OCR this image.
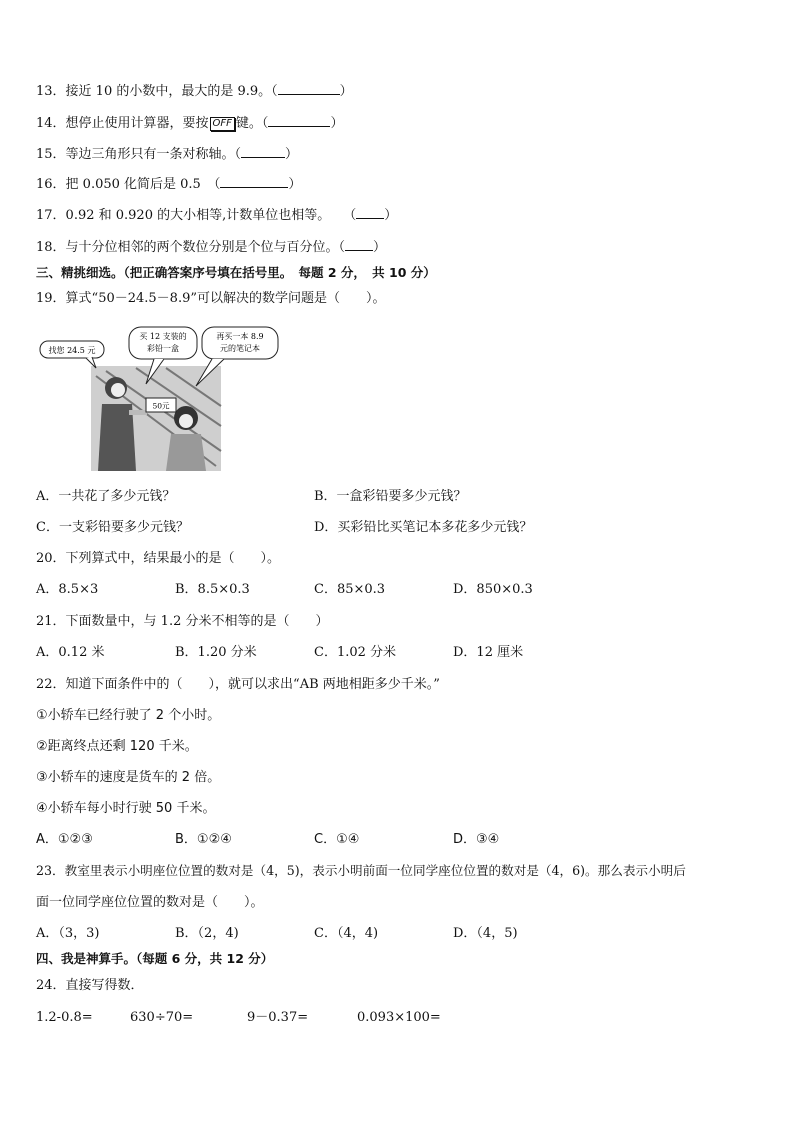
13．接近 10 的小数中，最大的是 9.9。（	）
14．想停止使用计算器，要按 OFF 键。（	）
15．等边三角形只有一条对称轴。（	）
16．把 0.050 化简后是 0.5　（	）
17．0.92 和 0.920 的大小相等,计数单位也相等。　　（ ）
18．与十分位相邻的两个数位分别是个位与百分位。（ ）
三、精挑细选。（把正确答案序号填在括号里。　每题 2 分，　共 10 分）
19．算式“50－24.5－8.9”可以解决的数学问题是（　　）。
50元
找您 24.5 元
买 12 支装的
彩铅一盒
再买一本 8.9
元的笔记本
A．一共花了多少元钱？	B．一盒彩铅要多少元钱？
C．一支彩铅要多少元钱？	D．买彩铅比买笔记本多花多少元钱？
20．下列算式中，结果最小的是（　　）。
A．8.5×3	B．8.5×0.3	C．85×0.3	D．850×0.3
21．下面数量中，与 1.2 分米不相等的是（　　）
A．0.12 米	B．1.20 分米	C．1.02 分米	D．12 厘米
22．知道下面条件中的（　　），就可以求出“AB 两地相距多少千米。”
①小轿车已经行驶了 2 个小时。
②距离终点还剩 120 千米。
③小轿车的速度是货车的 2 倍。
④小轿车每小时行驶 50 千米。
A．①②③	B．①②④	C．①④	D．③④
23．教室里表示小明座位位置的数对是（4，5)，表示小明前面一位同学座位位置的数对是（4，6)。那么表示小明后
面一位同学座位位置的数对是（　　）。
A．（3，3)	B．（2，4)	C．（4，4)	D．（4，5)
四、我是神算手。（每题 6 分，共 12 分）
24．直接写得数．
1.2-0.8=	630÷70=	9－0.37=	0.093×100=
